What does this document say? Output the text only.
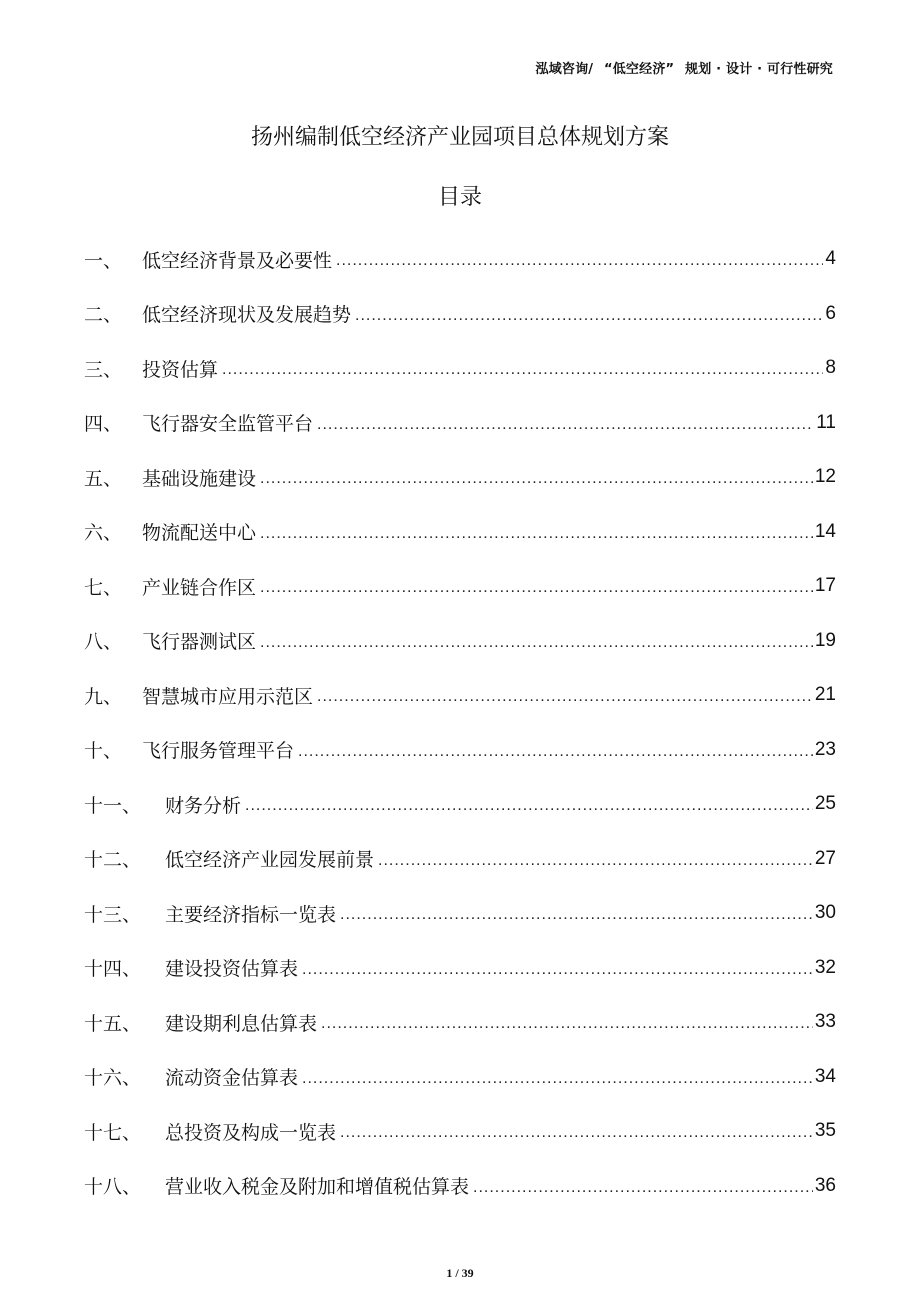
泓域咨询/ “低空经济” 规划 · 设计 · 可行性研究
扬州编制低空经济产业园项目总体规划方案
目录
一、	低空经济背景及必要性 .....	4
二、	低空经济现状及发展趋势 .....	6
三、	投资估算 .....	8
四、	飞行器安全监管平台 .....	11
五、	基础设施建设 .....	12
六、	物流配送中心 .....	14
七、	产业链合作区 .....	17
八、	飞行器测试区 .....	19
九、	智慧城市应用示范区 .....	21
十、	飞行服务管理平台 .....	23
十一、	财务分析 .....	25
十二、	低空经济产业园发展前景 .....	27
十三、	主要经济指标一览表 .....	30
十四、	建设投资估算表 .....	32
十五、	建设期利息估算表 .....	33
十六、	流动资金估算表 .....	34
十七、	总投资及构成一览表 .....	35
十八、	营业收入税金及附加和增值税估算表 .....	36
1 / 39
